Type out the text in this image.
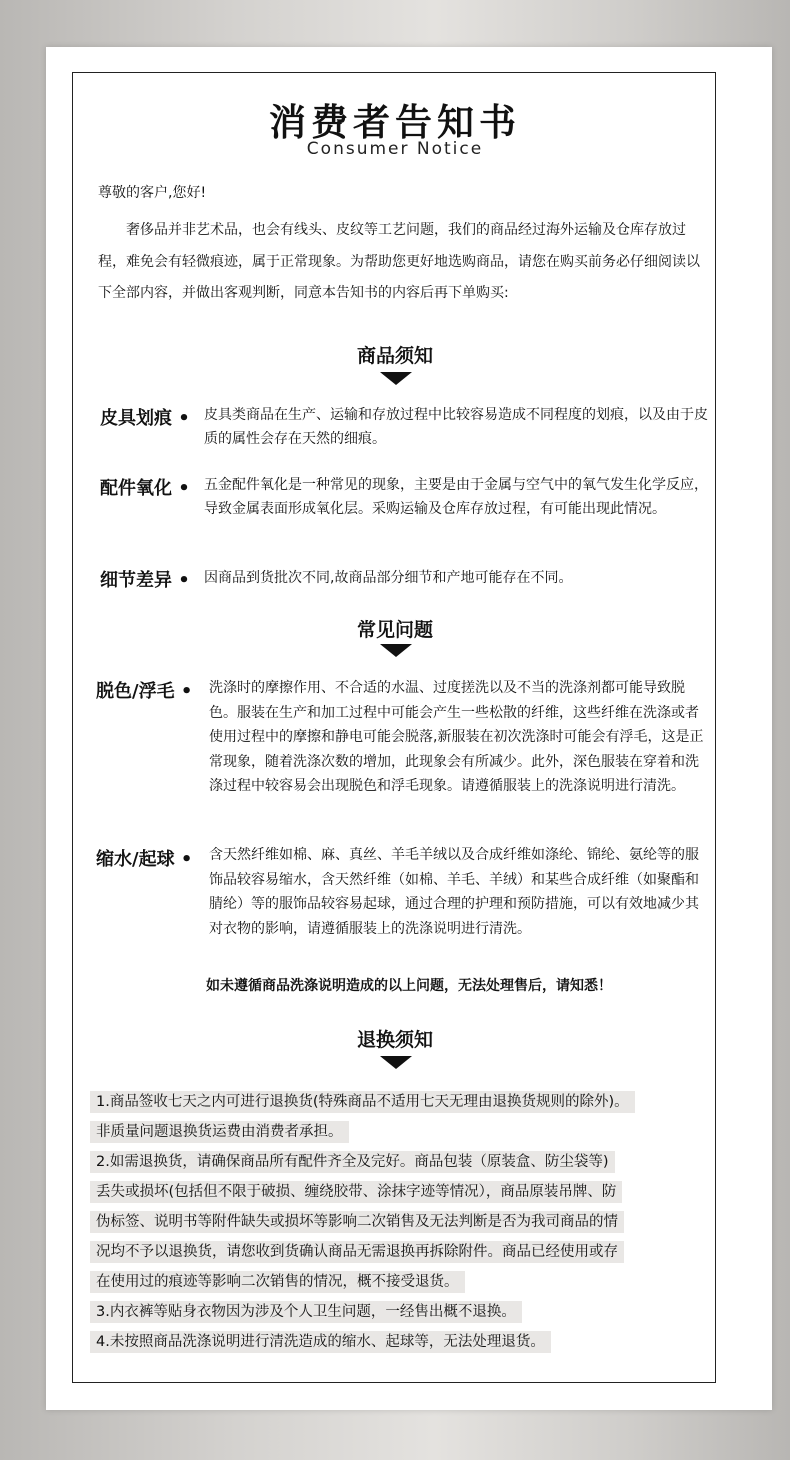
消费者告知书
Consumer Notice
尊敬的客户,您好!
奢侈品并非艺术品，也会有线头、皮纹等工艺问题，我们的商品经过海外运输及仓库存放过程，难免会有轻微痕迹，属于正常现象。为帮助您更好地选购商品，请您在购买前务必仔细阅读以下全部内容，并做出客观判断，同意本告知书的内容后再下单购买:
商品须知
皮具划痕 • 皮具类商品在生产、运输和存放过程中比较容易造成不同程度的划痕，以及由于皮质的属性会存在天然的细痕。
配件氧化 • 五金配件氧化是一种常见的现象，主要是由于金属与空气中的氧气发生化学反应，导致金属表面形成氧化层。采购运输及仓库存放过程，有可能出现此情况。
细节差异 • 因商品到货批次不同,故商品部分细节和产地可能存在不同。
常见问题
脱色/浮毛 • 洗涤时的摩擦作用、不合适的水温、过度搓洗以及不当的洗涤剂都可能导致脱色。服装在生产和加工过程中可能会产生一些松散的纤维，这些纤维在洗涤或者使用过程中的摩擦和静电可能会脱落,新服装在初次洗涤时可能会有浮毛，这是正常现象，随着洗涤次数的增加，此现象会有所减少。此外，深色服装在穿着和洗涤过程中较容易会出现脱色和浮毛现象。请遵循服装上的洗涤说明进行清洗。
缩水/起球 • 含天然纤维如棉、麻、真丝、羊毛羊绒以及合成纤维如涤纶、锦纶、氨纶等的服饰品较容易缩水，含天然纤维（如棉、羊毛、羊绒）和某些合成纤维（如聚酯和腈纶）等的服饰品较容易起球，通过合理的护理和预防措施，可以有效地减少其对衣物的影响，请遵循服装上的洗涤说明进行清洗。
如未遵循商品洗涤说明造成的以上问题，无法处理售后，请知悉！
退换须知
1.商品签收七天之内可进行退换货(特殊商品不适用七天无理由退换货规则的除外)。
非质量问题退换货运费由消费者承担。
2.如需退换货，请确保商品所有配件齐全及完好。商品包装（原装盒、防尘袋等)
丢失或损坏(包括但不限于破损、缠绕胶带、涂抹字迹等情况），商品原装吊牌、防
伪标签、说明书等附件缺失或损坏等影响二次销售及无法判断是否为我司商品的情
况均不予以退换货，请您收到货确认商品无需退换再拆除附件。商品已经使用或存
在使用过的痕迹等影响二次销售的情况，概不接受退货。
3.内衣裤等贴身衣物因为涉及个人卫生问题，一经售出概不退换。
4.未按照商品洗涤说明进行清洗造成的缩水、起球等，无法处理退货。
